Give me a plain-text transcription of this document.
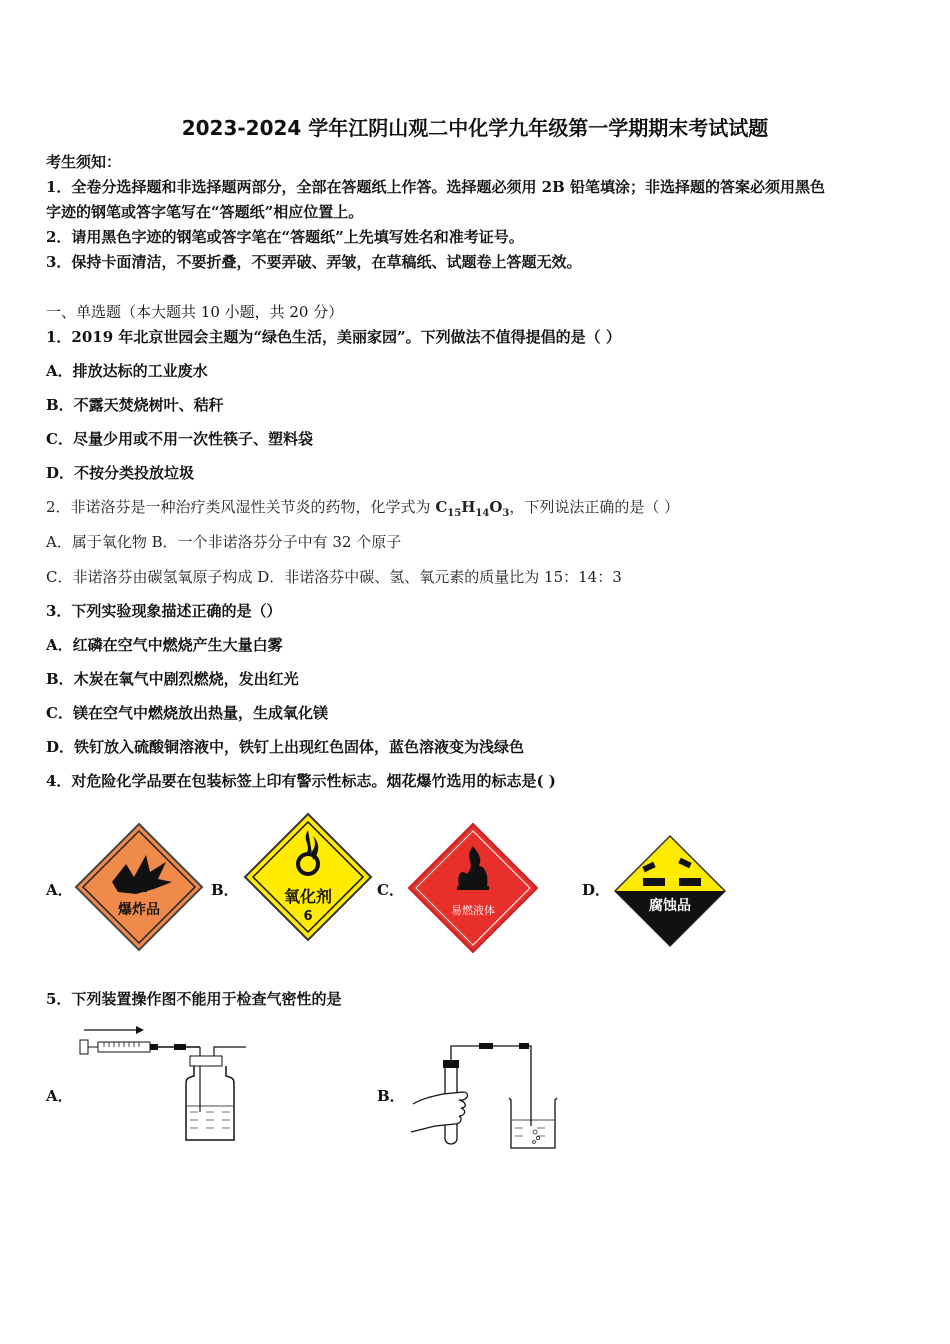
2023-2024 学年江阴山观二中化学九年级第一学期期末考试试题
考生须知：
1．全卷分选择题和非选择题两部分，全部在答题纸上作答。选择题必须用 2B 铅笔填涂；非选择题的答案必须用黑色
字迹的钢笔或答字笔写在“答题纸”相应位置上。
2．请用黑色字迹的钢笔或答字笔在“答题纸”上先填写姓名和准考证号。
3．保持卡面清洁，不要折叠，不要弄破、弄皱，在草稿纸、试题卷上答题无效。
一、单选题（本大题共 10 小题，共 20 分）
1．2019 年北京世园会主题为“绿色生活，美丽家园”。下列做法不值得提倡的是（ ）
A．排放达标的工业废水
B．不露天焚烧树叶、秸秆
C．尽量少用或不用一次性筷子、塑料袋
D．不按分类投放垃圾
2．非诺洛芬是一种治疗类风湿性关节炎的药物，化学式为 $C_{15}H_{14}O_3$，下列说法正确的是（ ）
A．属于氧化物 B．一个非诺洛芬分子中有 32 个原子
C．非诺洛芬由碳氢氧原子构成 D．非诺洛芬中碳、氢、氧元素的质量比为 15：14：3
3．下列实验现象描述正确的是（）
A．红磷在空气中燃烧产生大量白雾
B．木炭在氧气中剧烈燃烧，发出红光
C．镁在空气中燃烧放出热量，生成氧化镁
D．铁钉放入硫酸铜溶液中，铁钉上出现红色固体，蓝色溶液变为浅绿色
4．对危险化学品要在包装标签上印有警示性标志。烟花爆竹选用的标志是( )
A．
爆炸品
B．	氧化剂
6
C．
易燃液体
D．
腐蚀品
5．下列装置操作图不能用于检查气密性的是
A．	B．
